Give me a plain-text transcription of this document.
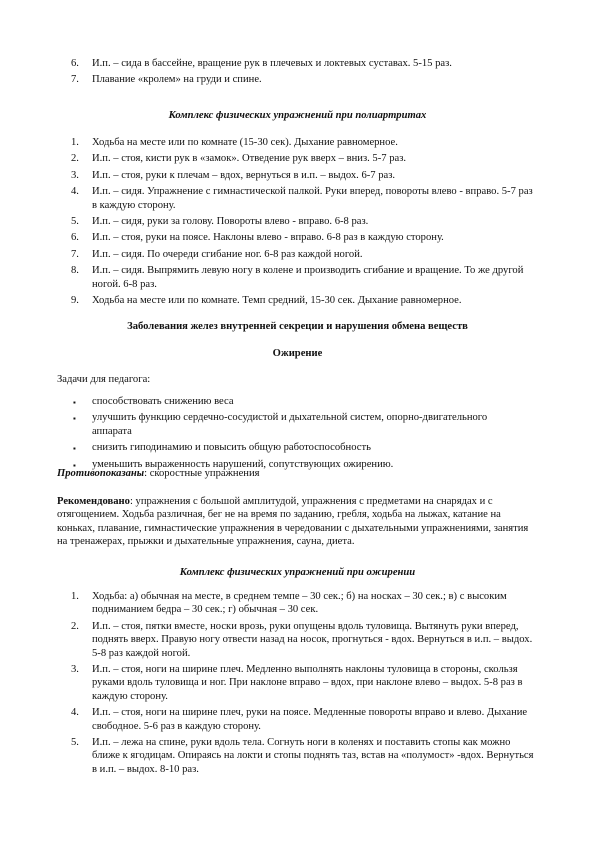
6. И.п. – сида в бассейне, вращение рук в плечевых и локтевых суставах. 5-15 раз.
7. Плавание «кролем» на груди и спине.
Комплекс физических упражнений при полиартритах
1. Ходьба на месте или по комнате (15-30 сек). Дыхание равномерное.
2. И.п. – стоя, кисти рук в «замок». Отведение рук вверх – вниз. 5-7 раз.
3. И.п. – стоя, руки к плечам – вдох, вернуться в и.п. – выдох. 6-7 раз.
4. И.п. – сидя. Упражнение с гимнастической палкой. Руки вперед, повороты влево - вправо. 5-7 раз в каждую сторону.
5. И.п. – сидя, руки за голову. Повороты влево - вправо. 6-8 раз.
6. И.п. – стоя, руки на поясе. Наклоны влево - вправо. 6-8 раз в каждую сторону.
7. И.п. – сидя. По очереди сгибание ног. 6-8 раз каждой ногой.
8. И.п. – сидя. Выпрямить левую ногу в колене и производить сгибание и вращение. То же другой ногой. 6-8 раз.
9. Ходьба на месте или по комнате. Темп средний, 15-30 сек. Дыхание равномерное.
Заболевания желез внутренней секреции и нарушения обмена веществ
Ожирение
Задачи для педагога:
▪ способствовать снижению веса
▪ улучшить функцию сердечно-сосудистой и дыхательной систем, опорно-двигательного аппарата
▪ снизить гиподинамию и повысить общую работоспособность
▪ уменьшить выраженность нарушений, сопутствующих ожирению.
Противопоказаны: скоростные упражнения
Рекомендовано: упражнения с большой амплитудой, упражнения с предметами на снарядах и с отягощением. Ходьба различная, бег не на время по заданию, гребля, ходьба на лыжах, катание на коньках, плавание, гимнастические упражнения в чередовании с дыхательными упражнениями, занятия на тренажерах, прыжки и дыхательные упражнения, сауна, диета.
Комплекс физических упражнений при ожирении
1. Ходьба: а) обычная на месте, в среднем темпе – 30 сек.; б) на носках – 30 сек.; в) с высоким подниманием бедра – 30 сек.; г) обычная – 30 сек.
2. И.п. – стоя, пятки вместе, носки врозь, руки опущены вдоль туловища. Вытянуть руки вперед, поднять вверх. Правую ногу отвести назад на носок, прогнуться - вдох. Вернуться в и.п. – выдох. 5-8 раз каждой ногой.
3. И.п. – стоя, ноги на ширине плеч. Медленно выполнять наклоны туловища в стороны, скользя руками вдоль туловища и ног. При наклоне вправо – вдох, при наклоне влево – выдох. 5-8 раз в каждую сторону.
4. И.п. – стоя, ноги на ширине плеч, руки на поясе. Медленные повороты вправо и влево. Дыхание свободное. 5-6 раз в каждую сторону.
5. И.п. – лежа на спине, руки вдоль тела. Согнуть ноги в коленях и поставить стопы как можно ближе к ягодицам. Опираясь на локти и стопы поднять таз, встав на «полумост» -вдох. Вернуться в и.п. – выдох. 8-10 раз.
